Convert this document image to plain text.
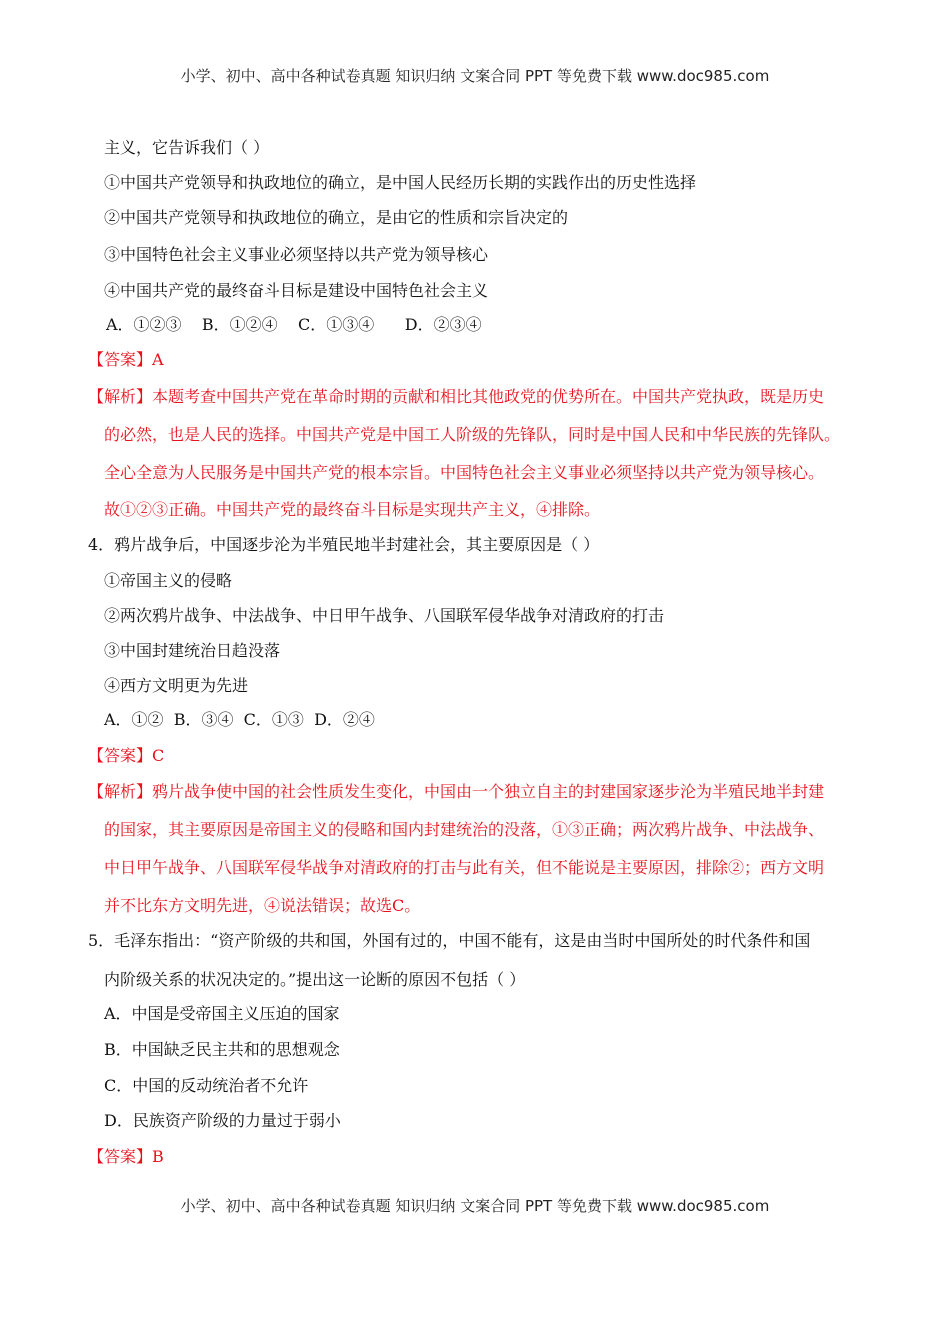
小学、初中、高中各种试卷真题 知识归纳 文案合同 PPT 等免费下载 www.doc985.com
主义，它告诉我们（ ）
①中国共产党领导和执政地位的确立，是中国人民经历长期的实践作出的历史性选择
②中国共产党领导和执政地位的确立，是由它的性质和宗旨决定的
③中国特色社会主义事业必须坚持以共产党为领导核心
④中国共产党的最终奋斗目标是建设中国特色社会主义
A．①②③    B．①②④    C．①③④      D．②③④
【答案】A
【解析】本题考查中国共产党在革命时期的贡献和相比其他政党的优势所在。中国共产党执政，既是历史
的必然，也是人民的选择。中国共产党是中国工人阶级的先锋队，同时是中国人民和中华民族的先锋队。
全心全意为人民服务是中国共产党的根本宗旨。中国特色社会主义事业必须坚持以共产党为领导核心。
故①②③正确。中国共产党的最终奋斗目标是实现共产主义，④排除。
4．鸦片战争后，中国逐步沦为半殖民地半封建社会，其主要原因是（ ）
①帝国主义的侵略
②两次鸦片战争、中法战争、中日甲午战争、八国联军侵华战争对清政府的打击
③中国封建统治日趋没落
④西方文明更为先进
A．①②  B．③④  C．①③  D．②④
【答案】C
【解析】鸦片战争使中国的社会性质发生变化，中国由一个独立自主的封建国家逐步沦为半殖民地半封建
的国家，其主要原因是帝国主义的侵略和国内封建统治的没落，①③正确；两次鸦片战争、中法战争、
中日甲午战争、八国联军侵华战争对清政府的打击与此有关，但不能说是主要原因，排除②；西方文明
并不比东方文明先进，④说法错误；故选C。
5．毛泽东指出：“资产阶级的共和国，外国有过的，中国不能有，这是由当时中国所处的时代条件和国
内阶级关系的状况决定的。”提出这一论断的原因不包括（ ）
A．中国是受帝国主义压迫的国家
B．中国缺乏民主共和的思想观念
C．中国的反动统治者不允许
D．民族资产阶级的力量过于弱小
【答案】B
小学、初中、高中各种试卷真题 知识归纳 文案合同 PPT 等免费下载 www.doc985.com
